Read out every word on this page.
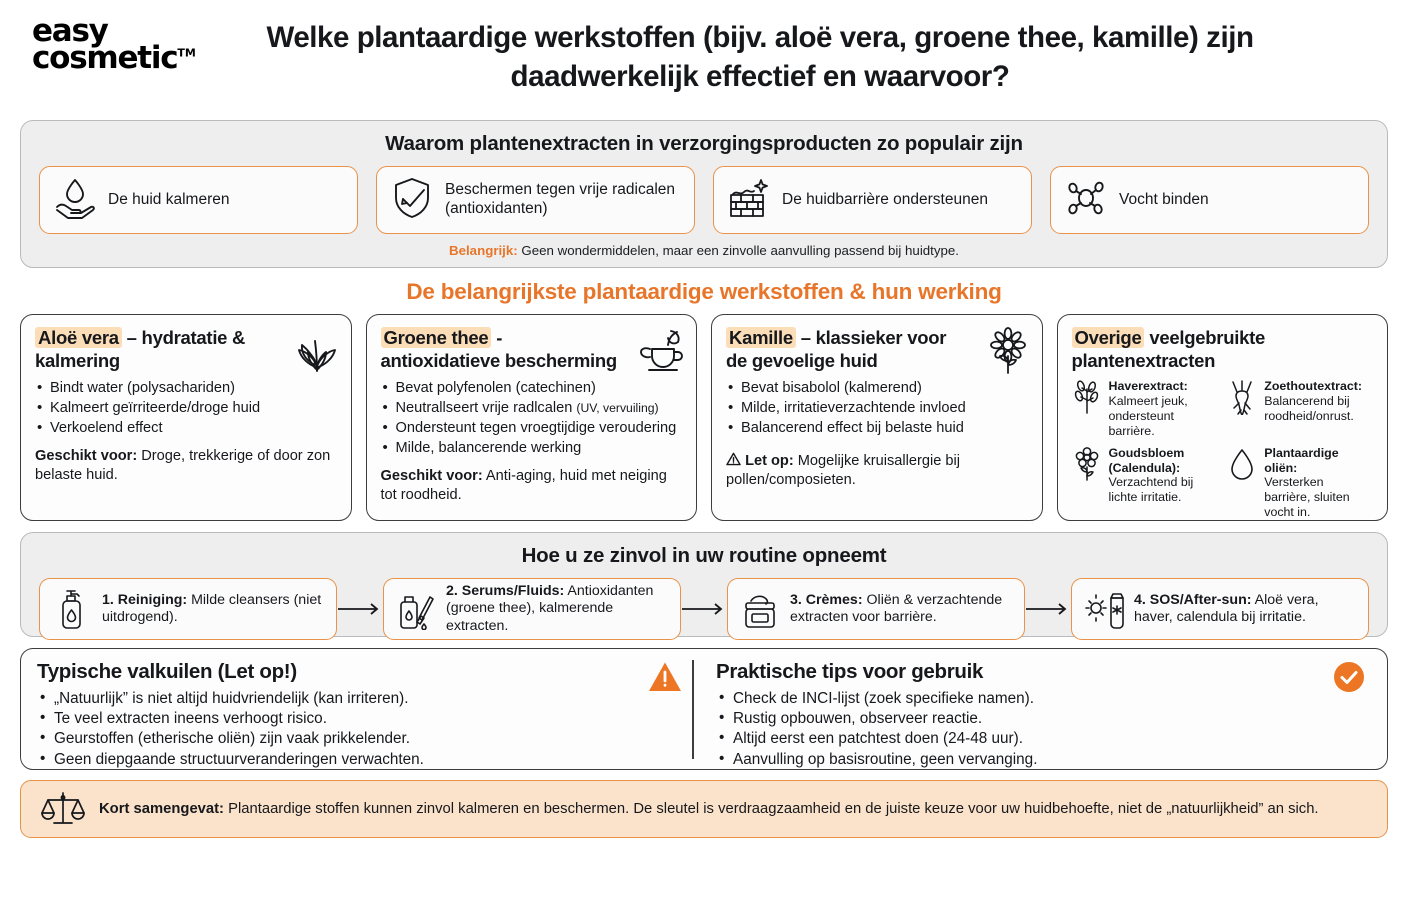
easy
cosmetic™	Welke plantaardige werkstoffen (bijv. aloë vera, groene thee, kamille) zijn daadwerkelijk effectief en waarvoor?
Waarom plantenextracten in verzorgingsproducten zo populair zijn
De huid kalmeren
Beschermen tegen vrije radicalen (antioxidanten)
De huidbarrière ondersteunen	Vocht binden
Belangrijk: Geen wondermiddelen, maar een zinvolle aanvulling passend bij huidtype.
De belangrijkste plantaardige werkstoffen & hun werking
Aloë vera – hydratatie & kalmering
• Bindt water (polysachariden)
• Kalmeert geïrriteerde/droge huid
• Verkoelend effect
Geschikt voor: Droge, trekkerige of door zon belaste huid.
Groene thee - antioxidatieve bescherming
• Bevat polyfenolen (catechinen)
• Neutrallseert vrije radlcalen (UV, vervuiling)
• Ondersteunt tegen vroegtijdige veroudering
• Milde, balancerende werking
Geschikt voor: Anti-aging, huid met neiging tot roodheid.
Kamille – klassieker voor de gevoelige huid
• Bevat bisabolol (kalmerend)
• Milde, irritatieverzachtende invloed
• Balancerend effect bij belaste huid
Let op: Mogelijke kruisallergie bij pollen/composieten.
Overige veelgebruikte plantenextracten
Haverextract:
Kalmeert jeuk, ondersteunt barrière.
Zoethoutextract:
Balancerend bij roodheid/onrust.
Goudsbloem (Calendula):
Verzachtend bij lichte irritatie.
Plantaardige oliën:
Versterken barrière, sluiten vocht in.
Hoe u ze zinvol in uw routine opneemt
1. Reiniging: Milde cleansers (niet uitdrogend).
2. Serums/Fluids: Antioxidanten (groene thee), kalmerende extracten.
3. Crèmes: Oliën & verzachtende extracten voor barrière.
4. SOS/After-sun: Aloë vera, haver, calendula bij irritatie.
Typische valkuilen (Let op!)
• „Natuurlijk” is niet altijd huidvriendelijk (kan irriteren).
• Te veel extracten ineens verhoogt risico.
• Geurstoffen (etherische oliën) zijn vaak prikkelender.
• Geen diepgaande structuurveranderingen verwachten.
Praktische tips voor gebruik
• Check de INCI-lijst (zoek specifieke namen).
• Rustig opbouwen, observeer reactie.
• Altijd eerst een patchtest doen (24-48 uur).
• Aanvulling op basisroutine, geen vervanging.
Kort samengevat: Plantaardige stoffen kunnen zinvol kalmeren en beschermen. De sleutel is verdraagzaamheid en de juiste keuze voor uw huidbehoefte, niet de „natuurlijkheid” an sich.
